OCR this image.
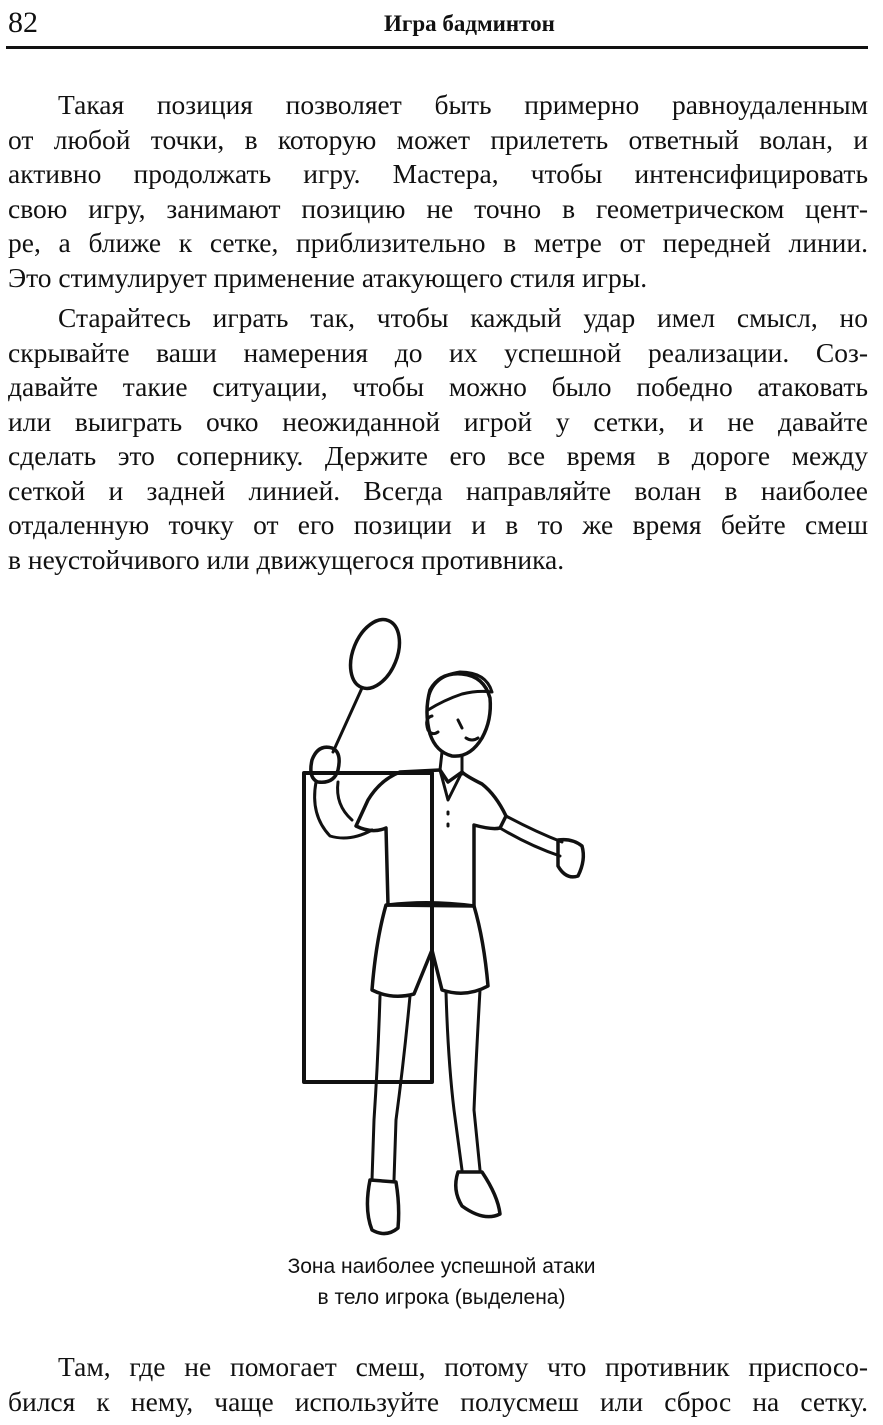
82	Игра бадминтон

Такая позиция позволяет быть примерно равноудаленным
от любой точки, в которую может прилететь ответный волан, и
активно продолжать игру. Мастера, чтобы интенсифицировать
свою игру, занимают позицию не точно в геометрическом цент-
ре, а ближе к сетке, приблизительно в метре от передней линии.
Это стимулирует применение атакующего стиля игры.

Старайтесь играть так, чтобы каждый удар имел смысл, но
скрывайте ваши намерения до их успешной реализации. Соз-
давайте такие ситуации, чтобы можно было победно атаковать
или выиграть очко неожиданной игрой у сетки, и не давайте
сделать это сопернику. Держите его все время в дороге между
сеткой и задней линией. Всегда направляйте волан в наиболее
отдаленную точку от его позиции и в то же время бейте смеш
в неустойчивого или движущегося противника.

Зона наиболее успешной атаки
в тело игрока (выделена)

Там, где не помогает смеш, потому что противник приспосо-
бился к нему, чаще используйте полусмеш или сброс на сетку.
